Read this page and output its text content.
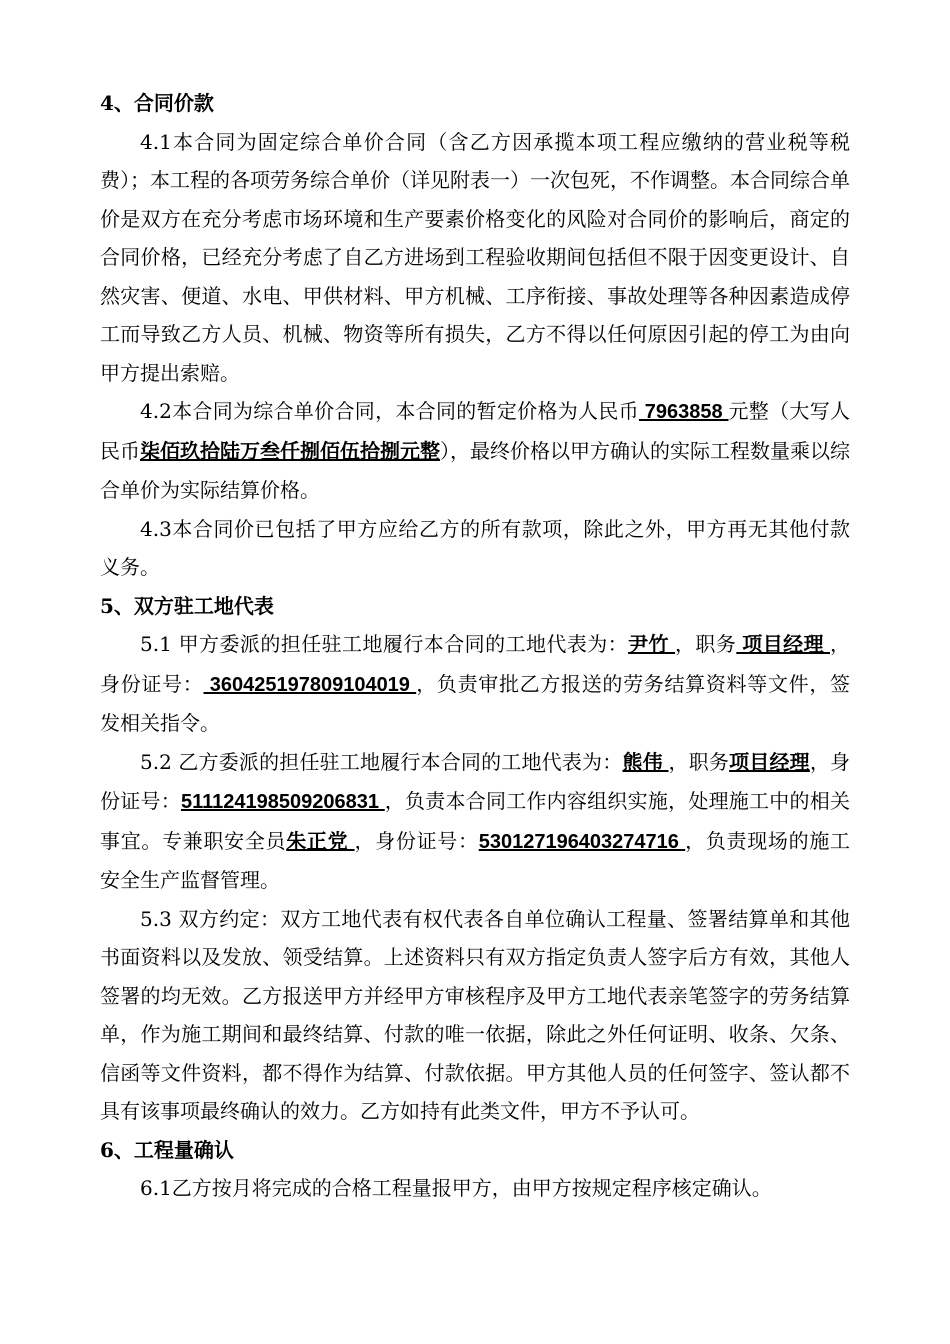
4、合同价款

4.1本合同为固定综合单价合同（含乙方因承揽本项工程应缴纳的营业税等税费）；本工程的各项劳务综合单价（详见附表一）一次包死，不作调整。本合同综合单价是双方在充分考虑市场环境和生产要素价格变化的风险对合同价的影响后，商定的合同价格，已经充分考虑了自乙方进场到工程验收期间包括但不限于因变更设计、自然灾害、便道、水电、甲供材料、甲方机械、工序衔接、事故处理等各种因素造成停工而导致乙方人员、机械、物资等所有损失，乙方不得以任何原因引起的停工为由向甲方提出索赔。

4.2本合同为综合单价合同，本合同的暂定价格为人民币 7963858 元整（大写人民币柒佰玖拾陆万叁仟捌佰伍拾捌元整），最终价格以甲方确认的实际工程数量乘以综合单价为实际结算价格。

4.3本合同价已包括了甲方应给乙方的所有款项，除此之外，甲方再无其他付款义务。

5、双方驻工地代表

5.1 甲方委派的担任驻工地履行本合同的工地代表为：尹竹 ，职务 项目经理 ，身份证号： 360425197809104019 ，负责审批乙方报送的劳务结算资料等文件，签发相关指令。

5.2 乙方委派的担任驻工地履行本合同的工地代表为：熊伟 ，职务项目经理，身份证号：511124198509206831 ，负责本合同工作内容组织实施，处理施工中的相关事宜。专兼职安全员朱正党 ，身份证号：530127196403274716 ，负责现场的施工安全生产监督管理。

5.3 双方约定：双方工地代表有权代表各自单位确认工程量、签署结算单和其他书面资料以及发放、领受结算。上述资料只有双方指定负责人签字后方有效，其他人签署的均无效。乙方报送甲方并经甲方审核程序及甲方工地代表亲笔签字的劳务结算单，作为施工期间和最终结算、付款的唯一依据，除此之外任何证明、收条、欠条、信函等文件资料，都不得作为结算、付款依据。甲方其他人员的任何签字、签认都不具有该事项最终确认的效力。乙方如持有此类文件，甲方不予认可。

6、工程量确认

6.1乙方按月将完成的合格工程量报甲方，由甲方按规定程序核定确认。
